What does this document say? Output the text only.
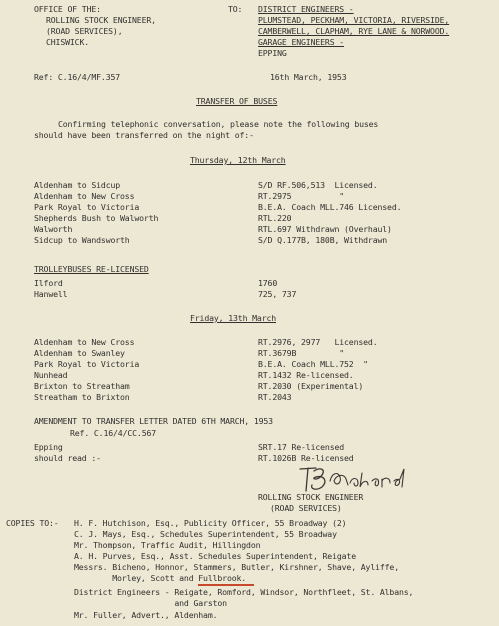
OFFICE OF THE:
ROLLING STOCK ENGINEER,
(ROAD SERVICES),
CHISWICK.
TO: DISTRICT ENGINEERS -
PLUMSTEAD, PECKHAM, VICTORIA, RIVERSIDE,
CAMBERWELL, CLAPHAM, RYE LANE & NORWOOD.
GARAGE ENGINEERS -
EPPING
Ref: C.16/4/MF.357	16th March, 1953
TRANSFER OF BUSES
Confirming telephonic conversation, please note the following buses
should have been transferred on the night of:-
Thursday, 12th March
Aldenham to Sidcup	S/D RF.506,513  Licensed.
Aldenham to New Cross	RT.2975          "
Park Royal to Victoria	B.E.A. Coach MLL.746 Licensed.
Shepherds Bush to Walworth	RTL.220
Walworth	RTL.697 Withdrawn (Overhaul)
Sidcup to Wandsworth	S/D Q.177B, 180B, Withdrawn
TROLLEYBUSES RE-LICENSED
Ilford	1760
Hanwell	725, 737
Friday, 13th March
Aldenham to New Cross	RT.2976, 2977   Licensed.
Aldenham to Swanley	RT.3679B         "
Park Royal to Victoria	B.E.A. Coach MLL.752  "
Nunhead	RT.1432 Re-licensed.
Brixton to Streatham	RT.2030 (Experimental)
Streatham to Brixton	RT.2043
AMENDMENT TO TRANSFER LETTER DATED 6TH MARCH, 1953
Ref. C.16/4/CC.567
Epping	SRT.17 Re-licensed
should read :-	RT.1026B Re-licensed
ROLLING STOCK ENGINEER
(ROAD SERVICES)
COPIES TO:- H. F. Hutchison, Esq., Publicity Officer, 55 Broadway (2)
C. J. Mays, Esq., Schedules Superintendent, 55 Broadway
Mr. Thompson, Traffic Audit, Hillingdon
A. H. Purves, Esq., Asst. Schedules Superintendent, Reigate
Messrs. Bicheno, Honnor, Stammers, Butler, Kirshner, Shave, Ayliffe,
Morley, Scott and Fullbrook.
District Engineers - Reigate, Romford, Windsor, Northfleet, St. Albans,
and Garston
Mr. Fuller, Advert., Aldenham.
